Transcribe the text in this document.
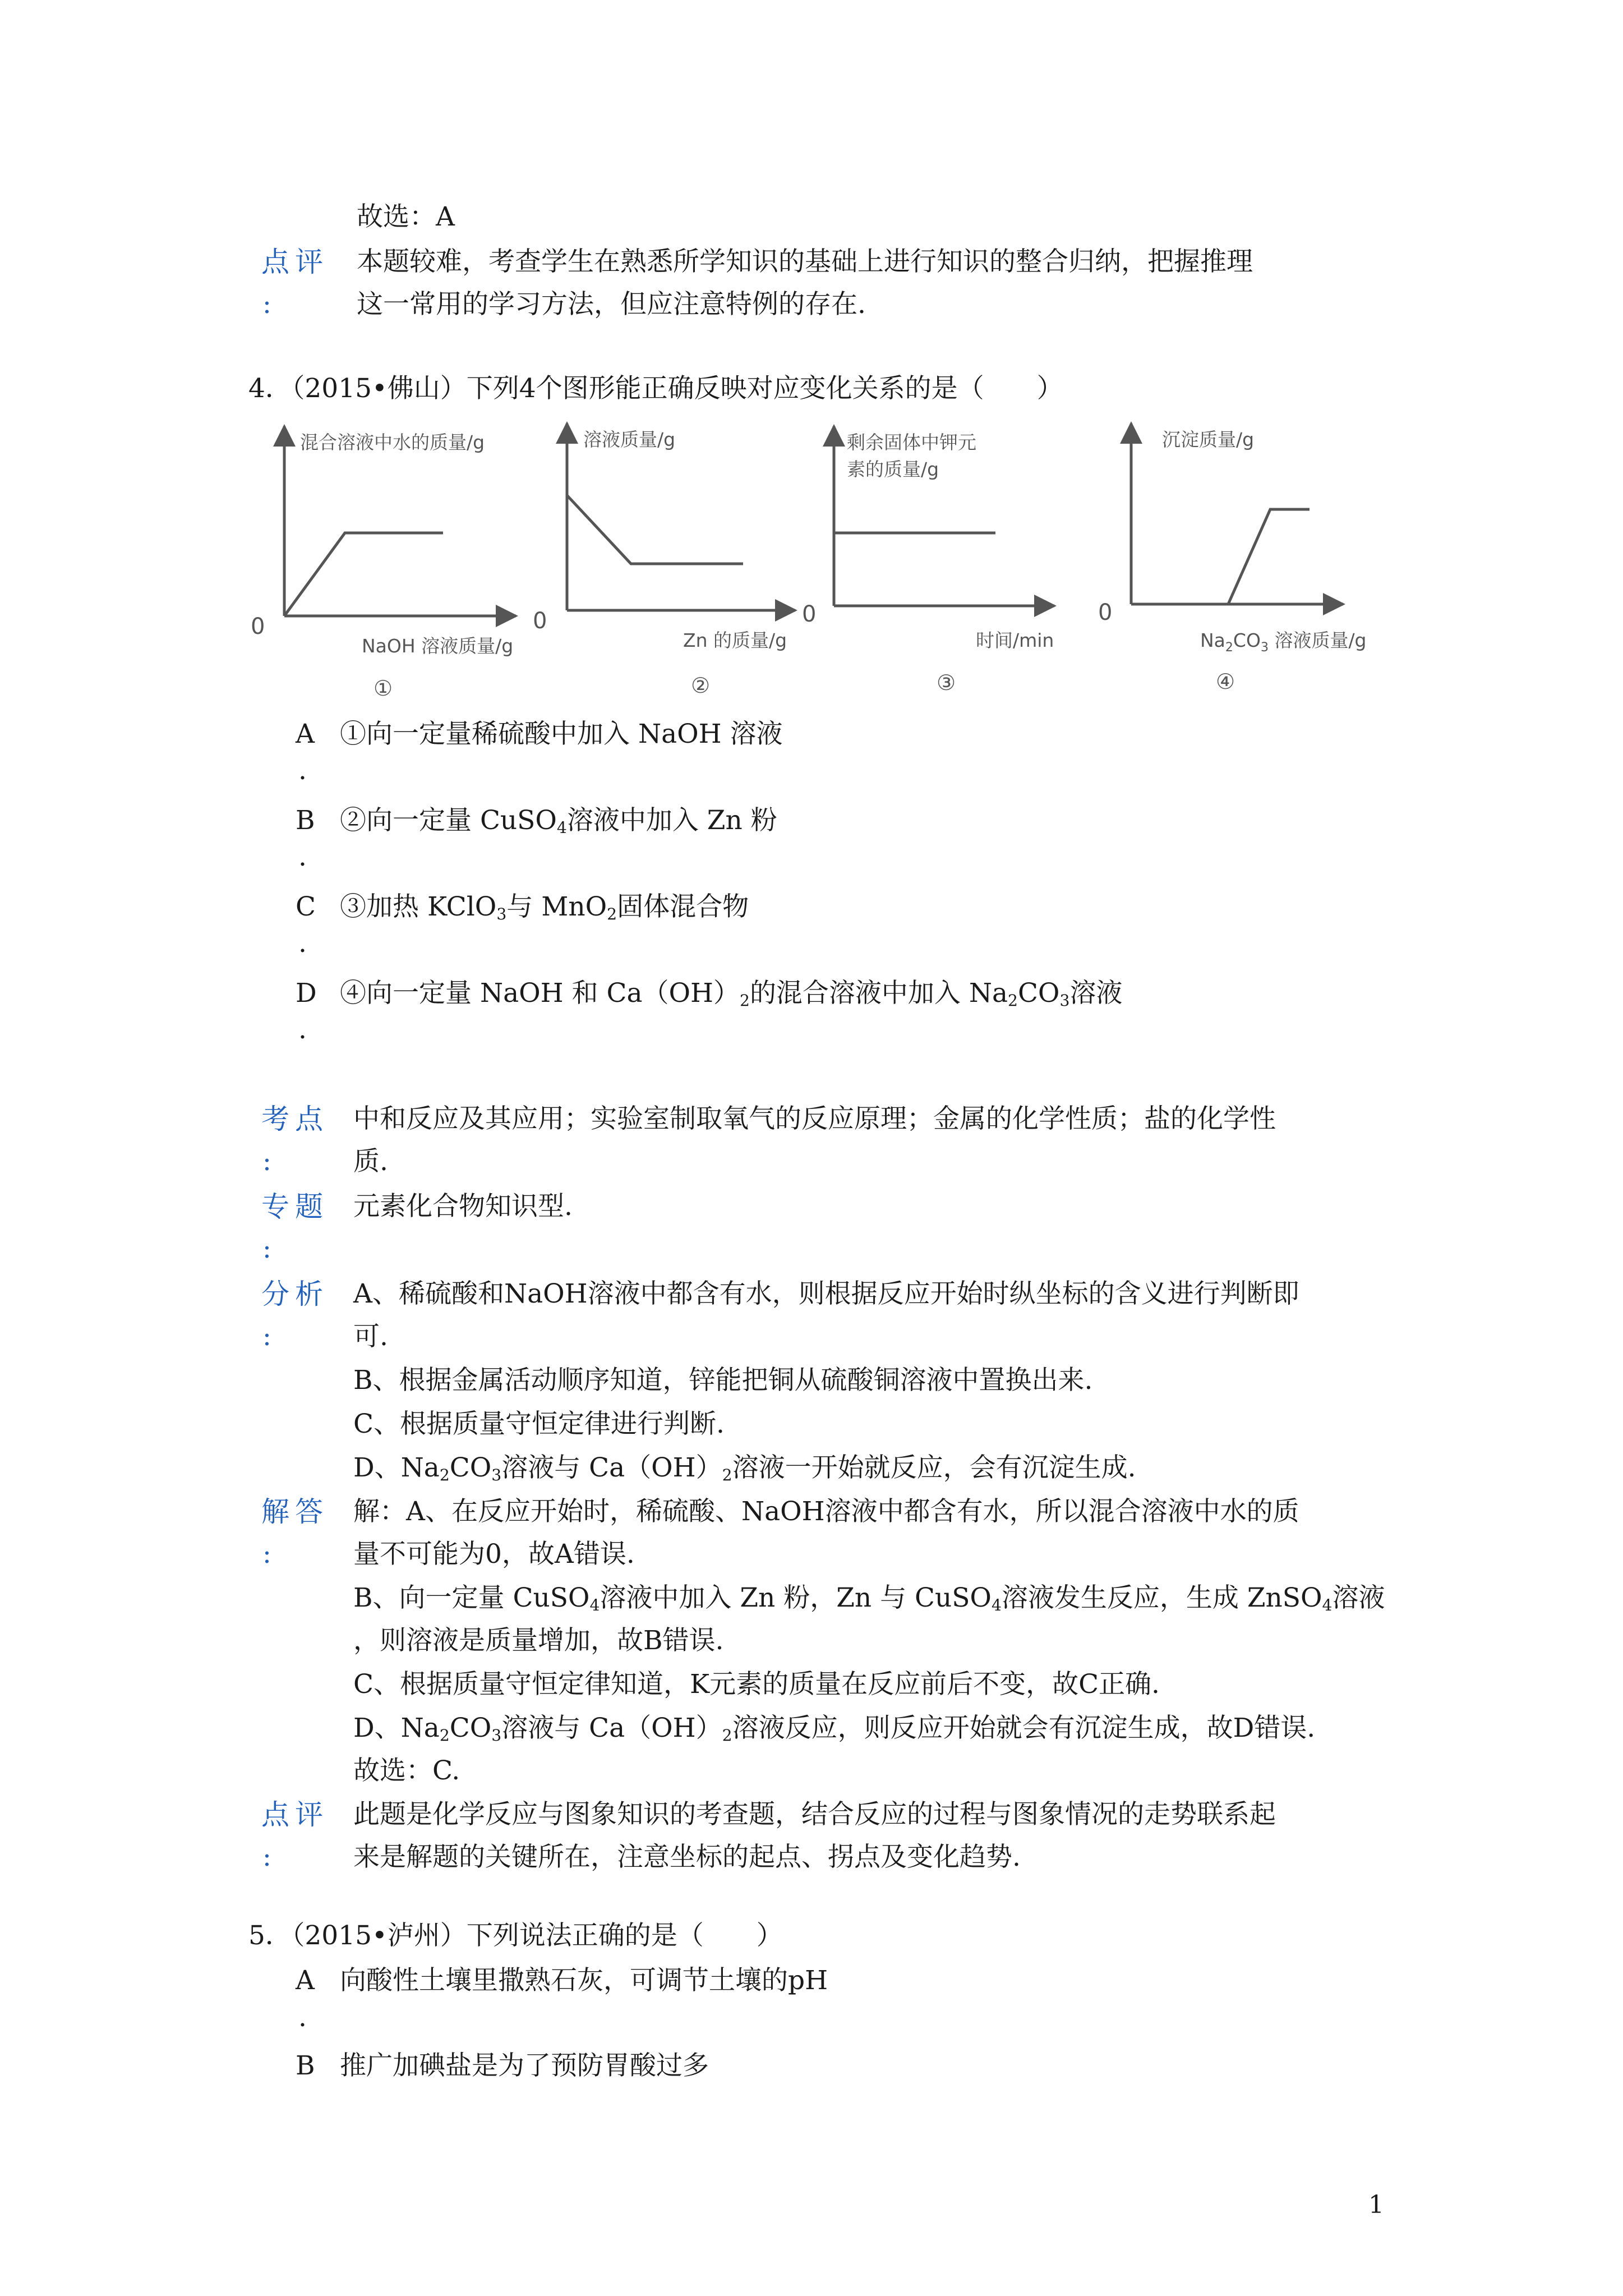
故选：A
点评
:
本题较难，考查学生在熟悉所学知识的基础上进行知识的整合归纳，把握推理
这一常用的学习方法，但应注意特例的存在.
4．（2015•佛山）下列4个图形能正确反映对应变化关系的是（　　）
混合溶液中水的质量/g
0
NaOH 溶液质量/g
①
溶液质量/g
0
Zn 的质量/g
②
剩余固体中钾元
素的质量/g
0
时间/min
③
沉淀质量/g
0
$Na_2CO_3$ 溶液质量/g
④
A
.
①向一定量稀硫酸中加入 NaOH 溶液
B
.
②向一定量 CuSO$_4$溶液中加入 Zn 粉
C
.
③加热 KClO$_3$与 MnO$_2$固体混合物
D
.
④向一定量 NaOH 和 $Ca(OH)_2$的混合溶液中加入 $Na_2CO_3$溶液
考点
:
中和反应及其应用；实验室制取氧气的反应原理；金属的化学性质；盐的化学性
质.
专题
:
元素化合物知识型.
分析
:
A、稀硫酸和NaOH溶液中都含有水，则根据反应开始时纵坐标的含义进行判断即
可.
B、根据金属活动顺序知道，锌能把铜从硫酸铜溶液中置换出来.
C、根据质量守恒定律进行判断.
D、$Na_2CO_3$溶液与 $Ca(OH)_2$溶液一开始就反应，会有沉淀生成.
解答
:
解：A、在反应开始时，稀硫酸、NaOH溶液中都含有水，所以混合溶液中水的质
量不可能为0，故A错误.
B、向一定量 CuSO$_4$溶液中加入 Zn 粉，Zn 与 CuSO$_4$溶液发生反应，生成 ZnSO$_4$溶液
，则溶液是质量增加，故B错误.
C、根据质量守恒定律知道，K元素的质量在反应前后不变，故C正确.
D、$Na_2CO_3$溶液与 $Ca(OH)_2$溶液反应，则反应开始就会有沉淀生成，故D错误.
故选：C.
点评
:
此题是化学反应与图象知识的考查题，结合反应的过程与图象情况的走势联系起
来是解题的关键所在，注意坐标的起点、拐点及变化趋势.
5．（2015•泸州）下列说法正确的是（　　）
A
.
向酸性土壤里撒熟石灰，可调节土壤的pH
B 推广加碘盐是为了预防胃酸过多
1
